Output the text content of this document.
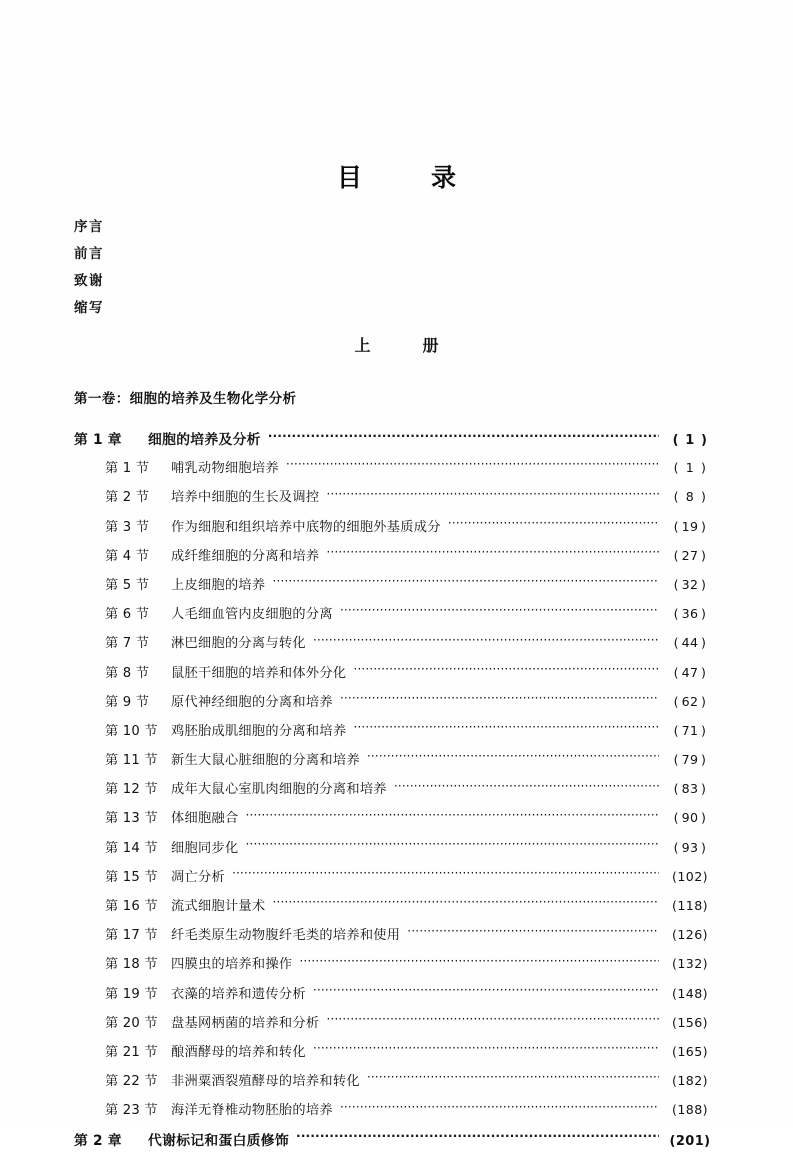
目　录
序言
前言
致谢
缩写
上　册
第一卷：细胞的培养及生物化学分析
第 1 章	细胞的培养及分析 ·····	( 1 )
第 1 节	哺乳动物细胞培养 ·····	( 1 )
第 2 节	培养中细胞的生长及调控 ·····	( 8 )
第 3 节	作为细胞和组织培养中底物的细胞外基质成分 ·····	( 19 )
第 4 节	成纤维细胞的分离和培养 ·····	( 27 )
第 5 节	上皮细胞的培养 ·····	( 32 )
第 6 节	人毛细血管内皮细胞的分离 ·····	( 36 )
第 7 节	淋巴细胞的分离与转化 ·····	( 44 )
第 8 节	鼠胚干细胞的培养和体外分化 ·····	( 47 )
第 9 节	原代神经细胞的分离和培养 ·····	( 62 )
第 10 节	鸡胚胎成肌细胞的分离和培养 ·····	( 71 )
第 11 节	新生大鼠心脏细胞的分离和培养 ·····	( 79 )
第 12 节	成年大鼠心室肌肉细胞的分离和培养 ·····	( 83 )
第 13 节	体细胞融合 ·····	( 90 )
第 14 节	细胞同步化 ·····	( 93 )
第 15 节	凋亡分析 ·····	(102)
第 16 节	流式细胞计量术 ·····	(118)
第 17 节	纤毛类原生动物腹纤毛类的培养和使用 ·····	(126)
第 18 节	四膜虫的培养和操作 ·····	(132)
第 19 节	衣藻的培养和遗传分析 ·····	(148)
第 20 节	盘基网柄菌的培养和分析 ·····	(156)
第 21 节	酿酒酵母的培养和转化 ·····	(165)
第 22 节	非洲粟酒裂殖酵母的培养和转化 ·····	(182)
第 23 节	海洋无脊椎动物胚胎的培养 ·····	(188)
第 2 章	代谢标记和蛋白质修饰 ·····	(201)
